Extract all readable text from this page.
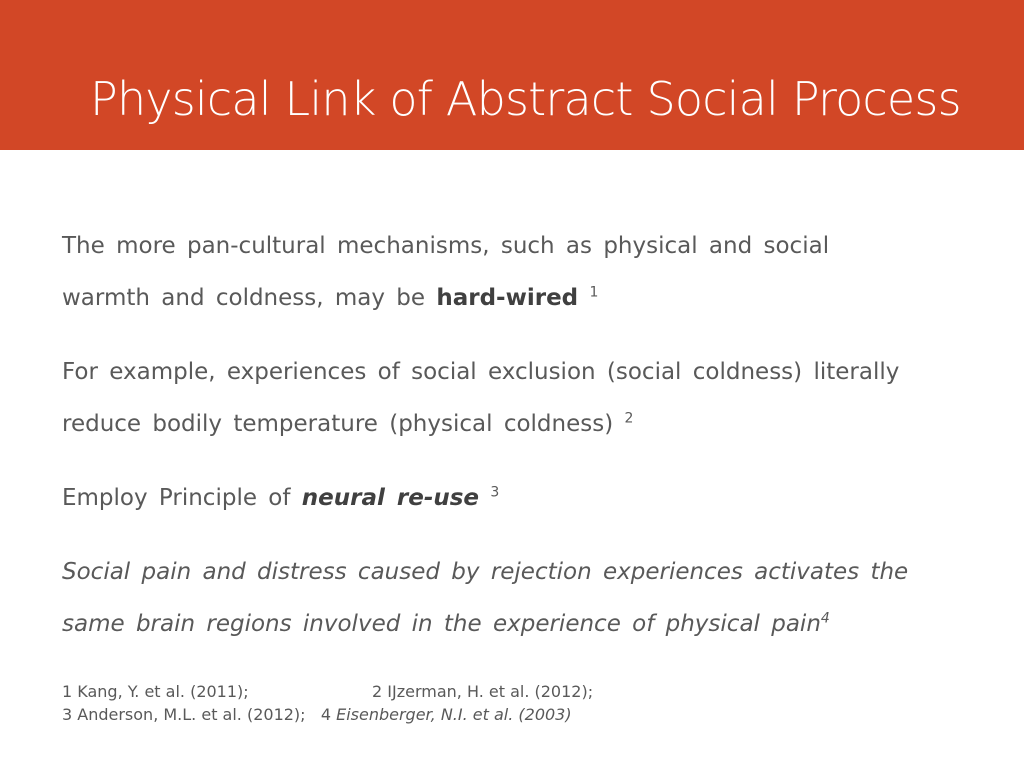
Physical Link of Abstract Social Process

The more pan-cultural mechanisms, such as physical and social warmth and coldness, may be hard-wired $^1$

For example, experiences of social exclusion (social coldness) literally reduce bodily temperature (physical coldness) $^2$

Employ Principle of neural re-use $^3$

Social pain and distress caused by rejection experiences activates the same brain regions involved in the experience of physical pain$^4$

1 Kang, Y. et al. (2011);	2 IJzerman, H. et al. (2012);
3 Anderson, M.L. et al. (2012); 4 Eisenberger, N.I. et al. (2003)
